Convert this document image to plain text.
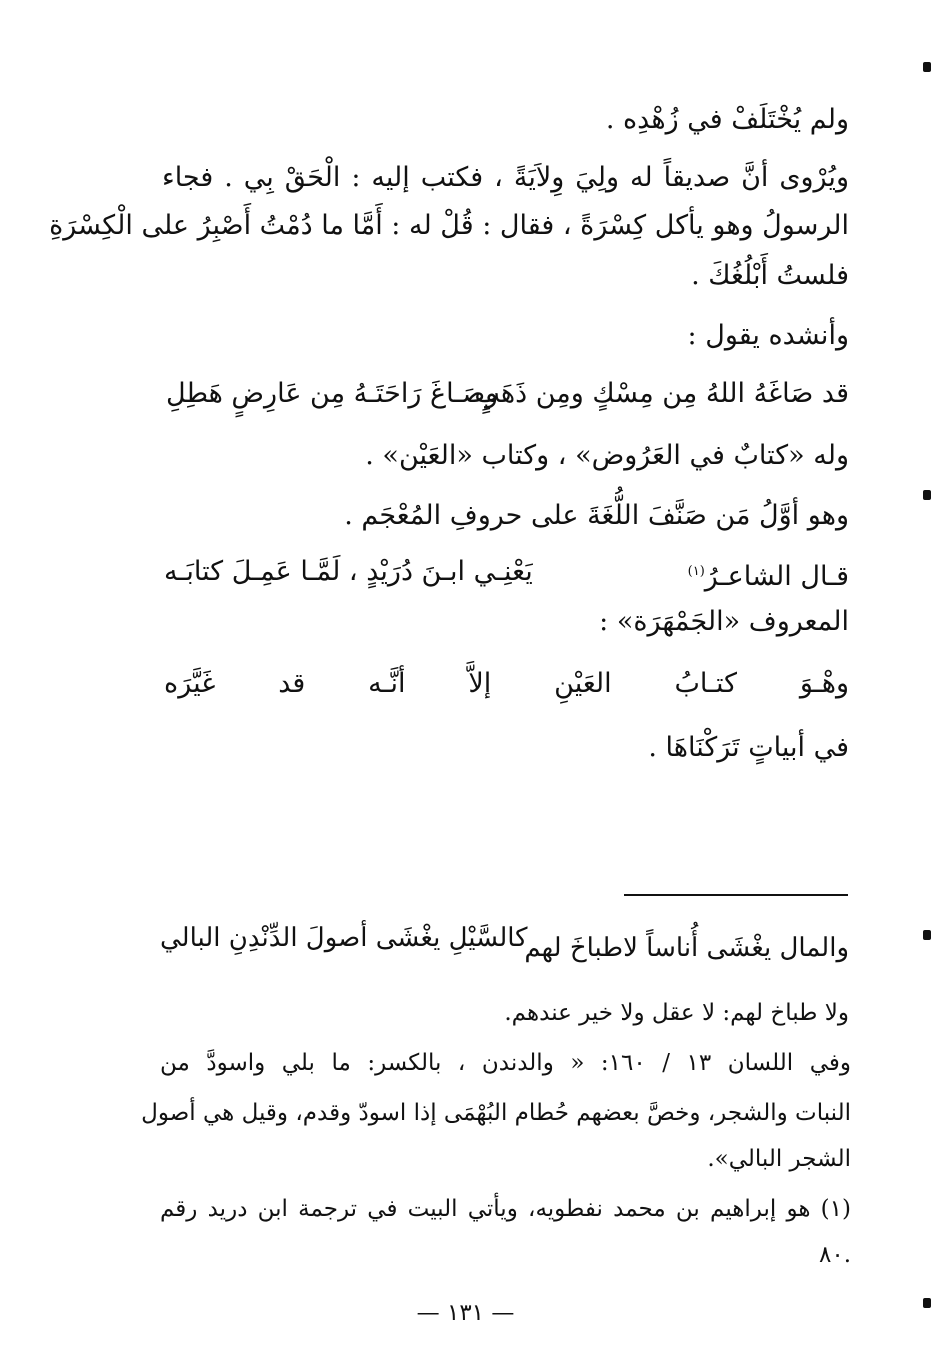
ولم يُخْتَلَفْ في زُهْدِه .
ويُرْوى أنَّ صديقاً له ولِيَ وِلاَيَةً ، فكتب إليه : الْحَقْ بِي . فجاء
الرسولُ وهو يأكل كِسْرَةً ، فقال : قُلْ له : أَمَّا ما دُمْتُ أَصْبِرُ على الْكِسْرَةِ
فلستُ أَبْلُغُكَ .
وأنشده يقول :
قد صَاغَهُ اللهُ مِن مِسْكٍ ومِن ذَهَبٍ
وصَـاغَ رَاحَتَـهُ مِن عَارِضٍ هَطِلِ
وله «كتابٌ في العَرُوض» ، وكتاب «العَيْن» .
وهو أوَّلُ مَن صَنَّفَ اللُّغَةَ على حروفِ المُعْجَم .
قـال الشاعـرُ$^{(١)}$
يَعْنِـي ابـنَ دُرَيْدٍ ، لَمَّـا عَمِـلَ كتابَـه
المعروف «الجَمْهَرَة» :
وهْـوَ
كتـابُ
العَيْنِ
إلاَّ
أنَّـه
قد
غَيَّرَه
في أبياتٍ تَرَكْنَاهَا .
والمال يغْشَى أُناساً لاطباخَ لهم
كالسَّيْلِ يغْشَى أصولَ الدِّنْدِنِ البالي
ولا طباخ لهم: لا عقل ولا خير عندهم.
وفي اللسان ١٣ / ١٦٠: « والدندن ، بالكسر: ما بلي واسودَّ من
النبات والشجر، وخصَّ بعضهم حُطام البُهْمَى إذا اسودّ وقدم، وقيل هي أصول
الشجر البالي».
(١) هو إبراهيم بن محمد نفطويه، ويأتي البيت في ترجمة ابن دريد رقم
.٨٠
— ١٣١ —
